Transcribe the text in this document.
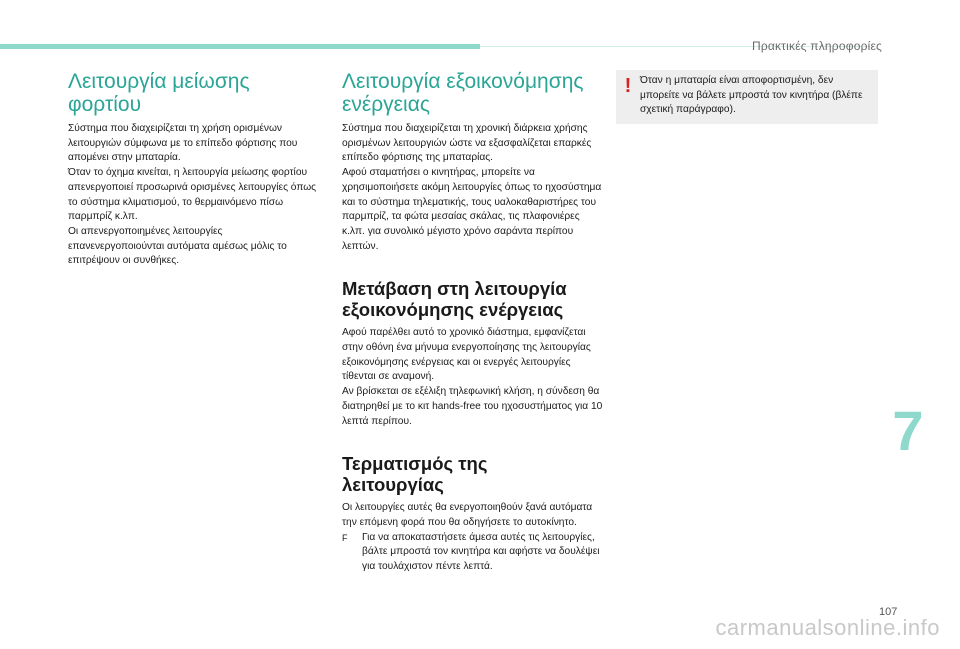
Πρακτικές πληροφορίες
Λειτουργία μείωσης
φορτίου

Σύστημα που διαχειρίζεται τη χρήση ορισμένων λειτουργιών σύμφωνα με το επίπεδο φόρτισης που απομένει στην μπαταρία.

Όταν το όχημα κινείται, η λειτουργία μείωσης φορτίου απενεργοποιεί προσωρινά ορισμένες λειτουργίες όπως το σύστημα κλιματισμού, το θερμαινόμενο πίσω παρμπρίζ κ.λπ.

Οι απενεργοποιημένες λειτουργίες επανενεργοποιούνται αυτόματα αμέσως μόλις το επιτρέψουν οι συνθήκες.

Λειτουργία εξοικονόμησης
ενέργειας

Σύστημα που διαχειρίζεται τη χρονική διάρκεια χρήσης ορισμένων λειτουργιών ώστε να εξασφαλίζεται επαρκές επίπεδο φόρτισης της μπαταρίας.

Αφού σταματήσει ο κινητήρας, μπορείτε να χρησιμοποιήσετε ακόμη λειτουργίες όπως το ηχοσύστημα και το σύστημα τηλεματικής, τους υαλοκαθαριστήρες του παρμπρίζ, τα φώτα μεσαίας σκάλας, τις πλαφονιέρες κ.λπ. για συνολικό μέγιστο χρόνο σαράντα περίπου λεπτών.

Μετάβαση στη λειτουργία
εξοικονόμησης ενέργειας

Αφού παρέλθει αυτό το χρονικό διάστημα, εμφανίζεται στην οθόνη ένα μήνυμα ενεργοποίησης της λειτουργίας εξοικονόμησης ενέργειας και οι ενεργές λειτουργίες τίθενται σε αναμονή.

Αν βρίσκεται σε εξέλιξη τηλεφωνική κλήση, η σύνδεση θα διατηρηθεί με το κιτ hands-free του ηχοσυστήματος για 10 λεπτά περίπου.

Τερματισμός της
λειτουργίας

Οι λειτουργίες αυτές θα ενεργοποιηθούν ξανά αυτόματα την επόμενη φορά που θα οδηγήσετε το αυτοκίνητο.

F	Για να αποκαταστήσετε άμεσα αυτές τις λειτουργίες, βάλτε μπροστά τον κινητήρα και αφήστε να δουλέψει για τουλάχιστον πέντε λεπτά.
! Όταν η μπαταρία είναι αποφορτισμένη, δεν μπορείτε να βάλετε μπροστά τον κινητήρα (βλέπε σχετική παράγραφο).
7
107
carmanualsonline.info
